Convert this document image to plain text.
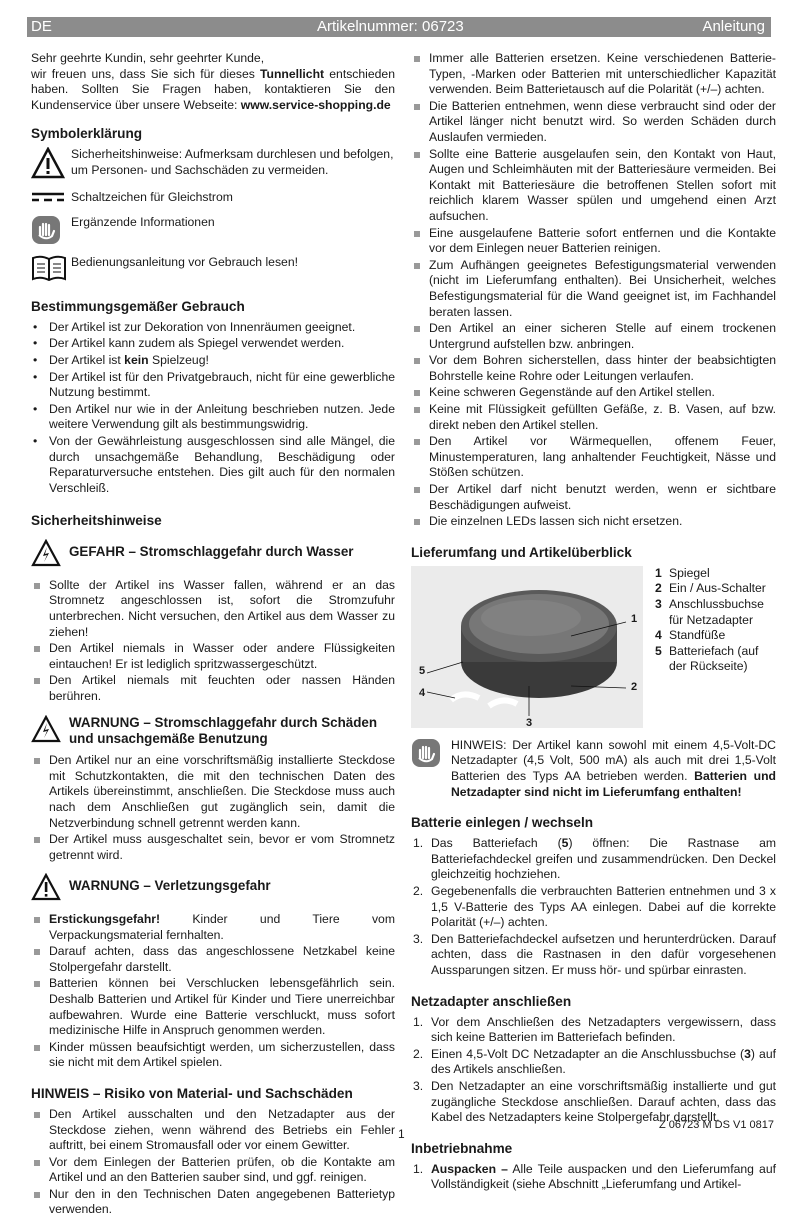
DE	Artikelnummer: 06723	Anleitung

Sehr geehrte Kundin, sehr geehrter Kunde,

wir freuen uns, dass Sie sich für dieses Tunnellicht entschieden haben. Sollten Sie Fragen haben, kontaktieren Sie den Kundenservice über unsere Webseite: www.service-shopping.de

Symbolerklärung
Sicherheitshinweise: Aufmerksam durchlesen und befolgen, um Personen- und Sachschäden zu vermeiden.
Schaltzeichen für Gleichstrom
Ergänzende Informationen
Bedienungsanleitung vor Gebrauch lesen!
Bestimmungsgemäßer Gebrauch
• Der Artikel ist zur Dekoration von Innenräumen geeignet.
• Der Artikel kann zudem als Spiegel verwendet werden.
• Der Artikel ist kein Spielzeug!
• Der Artikel ist für den Privatgebrauch, nicht für eine gewerbliche Nutzung bestimmt.
• Den Artikel nur wie in der Anleitung beschrieben nutzen. Jede weitere Verwendung gilt als bestimmungswidrig.
• Von der Gewährleistung ausgeschlossen sind alle Mängel, die durch unsachgemäße Behandlung, Beschädigung oder Reparaturversuche entstehen. Dies gilt auch für den normalen Verschleiß.
Sicherheitshinweise
GEFAHR – Stromschlaggefahr durch Wasser
Sollte der Artikel ins Wasser fallen, während er an das Stromnetz angeschlossen ist, sofort die Stromzufuhr unterbrechen. Nicht versuchen, den Artikel aus dem Wasser zu ziehen!
Den Artikel niemals in Wasser oder andere Flüssigkeiten eintauchen! Er ist lediglich spritzwassergeschützt.
Den Artikel niemals mit feuchten oder nassen Händen berühren.
WARNUNG – Stromschlaggefahr durch Schäden und unsachgemäße Benutzung
Den Artikel nur an eine vorschriftsmäßig installierte Steckdose mit Schutzkontakten, die mit den technischen Daten des Artikels übereinstimmt, anschließen. Die Steckdose muss auch nach dem Anschließen gut zugänglich sein, damit die Netzverbindung schnell getrennt werden kann.
Der Artikel muss ausgeschaltet sein, bevor er vom Stromnetz getrennt wird.
WARNUNG – Verletzungsgefahr
Erstickungsgefahr! Kinder und Tiere vom Verpackungsmaterial fernhalten.
Darauf achten, dass das angeschlossene Netzkabel keine Stolpergefahr darstellt.
Batterien können bei Verschlucken lebensgefährlich sein. Deshalb Batterien und Artikel für Kinder und Tiere unerreichbar aufbewahren. Wurde eine Batterie verschluckt, muss sofort medizinische Hilfe in Anspruch genommen werden.
Kinder müssen beaufsichtigt werden, um sicherzustellen, dass sie nicht mit dem Artikel spielen.
HINWEIS – Risiko von Material- und Sachschäden
Den Artikel ausschalten und den Netzadapter aus der Steckdose ziehen, wenn während des Betriebs ein Fehler auftritt, bei einem Stromausfall oder vor einem Gewitter.
Vor dem Einlegen der Batterien prüfen, ob die Kontakte am Artikel und an den Batterien sauber sind, und ggf. reinigen.
Nur den in den Technischen Daten angegebenen Batterietyp verwenden.
Immer alle Batterien ersetzen. Keine verschiedenen Batterie-Typen, -Marken oder Batterien mit unterschiedlicher Kapazität verwenden. Beim Batterietausch auf die Polarität (+/–) achten.
Die Batterien entnehmen, wenn diese verbraucht sind oder der Artikel länger nicht benutzt wird. So werden Schäden durch Auslaufen vermieden.
Sollte eine Batterie ausgelaufen sein, den Kontakt von Haut, Augen und Schleimhäuten mit der Batteriesäure vermeiden. Bei Kontakt mit Batteriesäure die betroffenen Stellen sofort mit reichlich klarem Wasser spülen und umgehend einen Arzt aufsuchen.
Eine ausgelaufene Batterie sofort entfernen und die Kontakte vor dem Einlegen neuer Batterien reinigen.
Zum Aufhängen geeignetes Befestigungsmaterial verwenden (nicht im Lieferumfang enthalten). Bei Unsicherheit, welches Befestigungsmaterial für die Wand geeignet ist, im Fachhandel beraten lassen.
Den Artikel an einer sicheren Stelle auf einem trockenen Untergrund aufstellen bzw. anbringen.
Vor dem Bohren sicherstellen, dass hinter der beabsichtigten Bohrstelle keine Rohre oder Leitungen verlaufen.
Keine schweren Gegenstände auf den Artikel stellen.
Keine mit Flüssigkeit gefüllten Gefäße, z. B. Vasen, auf bzw. direkt neben den Artikel stellen.
Den Artikel vor Wärmequellen, offenem Feuer, Minustemperaturen, lang anhaltender Feuchtigkeit, Nässe und Stößen schützen.
Der Artikel darf nicht benutzt werden, wenn er sichtbare Beschädigungen aufweist.
Die einzelnen LEDs lassen sich nicht ersetzen.
Lieferumfang und Artikelüberblick
1
2
3
4
5
1 Spiegel
2 Ein / Aus-Schalter
3 Anschlussbuchse für Netzadapter
4 Standfüße
5 Batteriefach (auf der Rückseite)

HINWEIS: Der Artikel kann sowohl mit einem 4,5-Volt-DC Netzadapter (4,5 Volt, 500 mA) als auch mit drei 1,5-Volt Batterien des Typs AA betrieben werden. Batterien und Netzadapter sind nicht im Lieferumfang enthalten!

Batterie einlegen / wechseln
1. Das Batteriefach (5) öffnen: Die Rastnase am Batteriefachdeckel greifen und zusammendrücken. Den Deckel gleichzeitig hochziehen.
2. Gegebenenfalls die verbrauchten Batterien entnehmen und 3 x 1,5 V-Batterie des Typs AA einlegen. Dabei auf die korrekte Polarität (+/–) achten.
3. Den Batteriefachdeckel aufsetzen und herunterdrücken. Darauf achten, dass die Rastnasen in den dafür vorgesehenen Aussparungen sitzen. Er muss hör- und spürbar einrasten.
Netzadapter anschließen
1. Vor dem Anschließen des Netzadapters vergewissern, dass sich keine Batterien im Batteriefach befinden.
2. Einen 4,5-Volt DC Netzadapter an die Anschlussbuchse (3) auf des Artikels anschließen.
3. Den Netzadapter an eine vorschriftsmäßig installierte und gut zugängliche Steckdose anschließen. Darauf achten, dass das Kabel des Netzadapters keine Stolpergefahr darstellt.
Inbetriebnahme
1. Auspacken – Alle Teile auspacken und den Lieferumfang auf Vollständigkeit (siehe Abschnitt „Lieferumfang und Artikel-
Z 06723 M DS V1 0817
1
